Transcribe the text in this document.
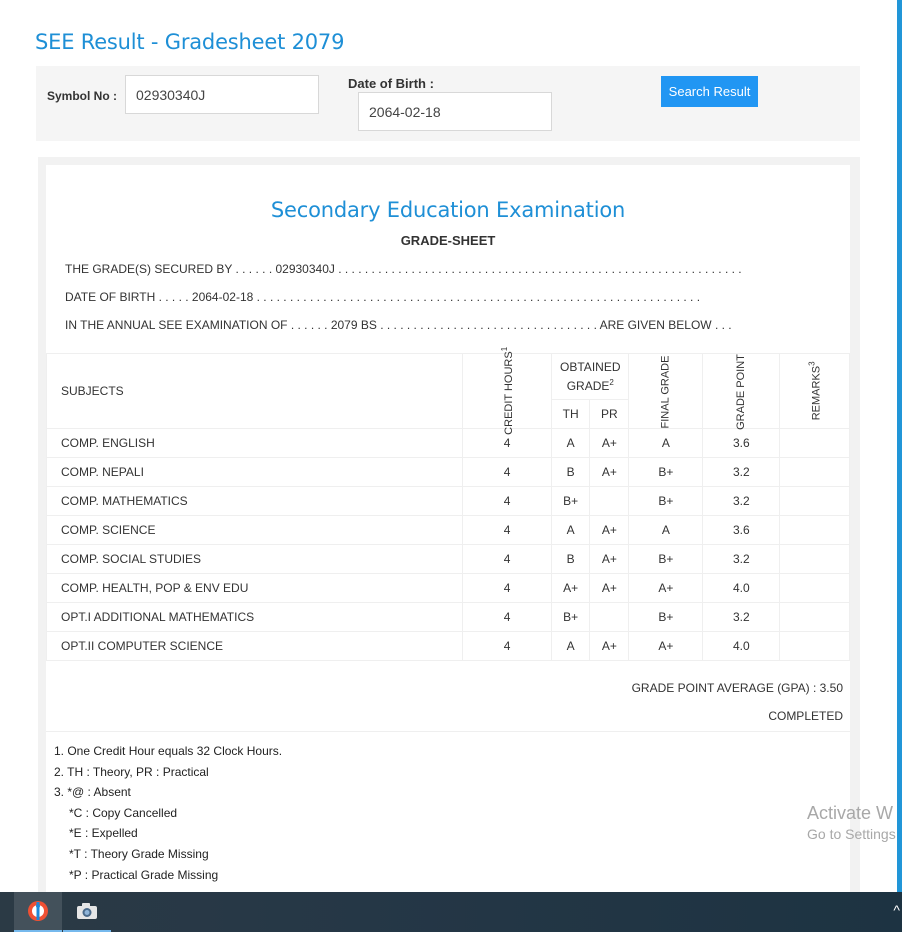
SEE Result - Gradesheet 2079
Symbol No :	02930340J
Date of Birth :
2064-02-18
Search Result
Secondary Education Examination
GRADE-SHEET
THE GRADE(S) SECURED BY . . . . . . 02930340J . . . . . . . . . . . . . . . . . . . . . . . . . . . . . . . . . . . . . . . . . . . . . . . . . . . . . . . . . . . . .
DATE OF BIRTH . . . . . 2064-02-18 . . . . . . . . . . . . . . . . . . . . . . . . . . . . . . . . . . . . . . . . . . . . . . . . . . . . . . . . . . . . . . . . . . .
IN THE ANNUAL SEE EXAMINATION OF . . . . . . 2079 BS . . . . . . . . . . . . . . . . . . . . . . . . . . . . . . . . . ARE GIVEN BELOW . . .
SUBJECTS	CREDIT HOURS$^1$	OBTAINED GRADE$^2$		FINAL GRADE	GRADE POINT	REMARKS$^3$
		TH	PR			
COMP. ENGLISH	4	A	A+	A	3.6	
COMP. NEPALI	4	B	A+	B+	3.2	
COMP. MATHEMATICS	4	B+		B+	3.2	
COMP. SCIENCE	4	A	A+	A	3.6	
COMP. SOCIAL STUDIES	4	B	A+	B+	3.2	
COMP. HEALTH, POP & ENV EDU	4	A+	A+	A+	4.0	
OPT.I ADDITIONAL MATHEMATICS	4	B+		B+	3.2	
OPT.II COMPUTER SCIENCE	4	A	A+	A+	4.0	
GRADE POINT AVERAGE (GPA) : 3.50
COMPLETED
1. One Credit Hour equals 32 Clock Hours.
2. TH : Theory, PR : Practical
3. *@ : Absent
*C : Copy Cancelled
*E : Expelled
*T : Theory Grade Missing
*P : Practical Grade Missing
Activate W
Go to Settings
^
